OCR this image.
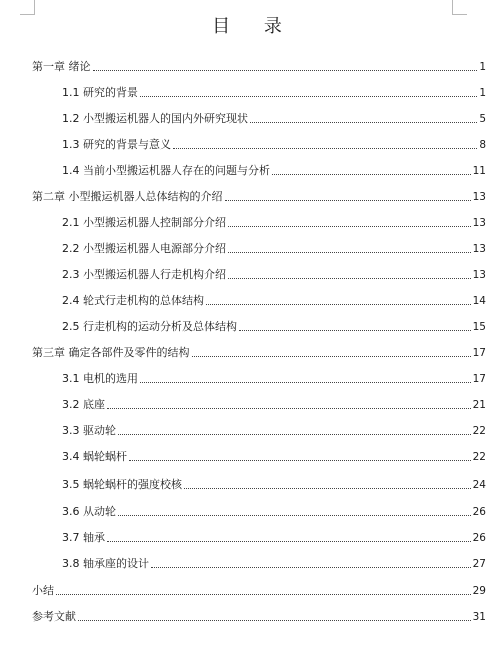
目 录
第一章 绪论	1
1.1 研究的背景	1
1.2 小型搬运机器人的国内外研究现状	5
1.3 研究的背景与意义	8
1.4 当前小型搬运机器人存在的问题与分析	11
第二章 小型搬运机器人总体结构的介绍	13
2.1 小型搬运机器人控制部分介绍	13
2.2 小型搬运机器人电源部分介绍	13
2.3 小型搬运机器人行走机构介绍	13
2.4 轮式行走机构的总体结构	14
2.5 行走机构的运动分析及总体结构	15
第三章 确定各部件及零件的结构	17
3.1 电机的选用	17
3.2 底座	21
3.3 驱动轮	22
3.4 蜗轮蜗杆	22
3.5 蜗轮蜗杆的强度校核	24
3.6 从动轮	26
3.7 轴承	26
3.8 轴承座的设计	27
小结	29
参考文献	31
